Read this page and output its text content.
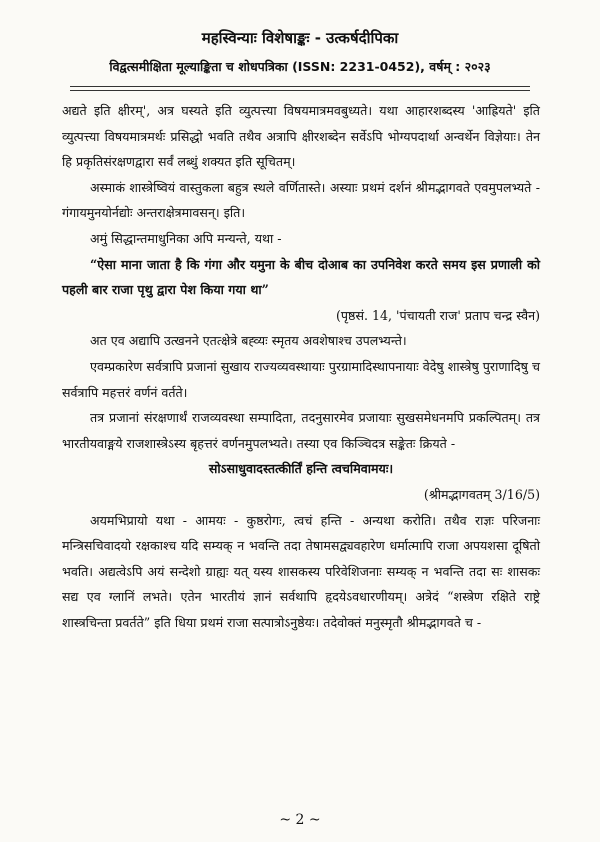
महस्विन्याः विशेषाङ्कः - उत्कर्षदीपिका
विद्वत्समीक्षिता मूल्याङ्किता च शोधपत्रिका (ISSN: 2231-0452), वर्षम् : २०२३

अद्यते इति क्षीरम्', अत्र घस्यते इति व्युत्पत्त्या विषयमात्रमवबुध्यते। यथा आहारशब्दस्य 'आह्रियते' इति व्युत्पत्त्या विषयमात्रमर्थः प्रसिद्धो भवति तथैव अत्रापि क्षीरशब्देन सर्वेऽपि भोग्यपदार्था अन्वर्थेन विज्ञेयाः। तेन हि प्रकृतिसंरक्षणद्वारा सर्वं लब्धुं शक्यत इति सूचितम्।

अस्माकं शास्त्रेष्वियं वास्तुकला बहुत्र स्थले वर्णितास्ते। अस्याः प्रथमं दर्शनं श्रीमद्भागवते एवमुपलभ्यते - गंगायमुनयोर्नद्योः अन्तराक्षेत्रमावसन्। इति।

अमुं सिद्धान्तमाधुनिका अपि मन्यन्ते, यथा -

“ऐसा माना जाता है कि गंगा और यमुना के बीच दोआब का उपनिवेश करते समय इस प्रणाली को पहली बार राजा पृथु द्वारा पेश किया गया था”

(पृष्ठसं. 14, 'पंचायती राज' प्रताप चन्द्र स्वैन)

अत एव अद्यापि उत्खनने एतत्क्षेत्रे बह्व्यः स्मृतय अवशेषाश्च उपलभ्यन्ते।

एवम्प्रकारेण सर्वत्रापि प्रजानां सुखाय राज्यव्यवस्थायाः पुरग्रामादिस्थापनायाः वेदेषु शास्त्रेषु पुराणादिषु च सर्वत्रापि महत्तरं वर्णनं वर्तते।

तत्र प्रजानां संरक्षणार्थं राजव्यवस्था सम्पादिता, तदनुसारमेव प्रजायाः सुखसमेधनमपि प्रकल्पितम्। तत्र भारतीयवाङ्मये राजशास्त्रेऽस्य बृहत्तरं वर्णनमुपलभ्यते। तस्या एव किञ्चिदत्र सङ्केतः क्रियते -

सोऽसाधुवादस्तत्कीर्तिं हन्ति त्वचमिवामयः।

(श्रीमद्भागवतम् 3/16/5)

अयमभिप्रायो यथा - आमयः - कुष्ठरोगः, त्वचं हन्ति - अन्यथा करोति। तथैव राज्ञः परिजनाः मन्त्रिसचिवादयो रक्षकाश्च यदि सम्यक् न भवन्ति तदा तेषामसद्व्यवहारेण धर्मात्मापि राजा अपयशसा दूषितो भवति। अद्यत्वेऽपि अयं सन्देशो ग्राह्यः यत् यस्य शासकस्य परिवेशिजनाः सम्यक् न भवन्ति तदा सः शासकः सद्य एव ग्लानिं लभते। एतेन भारतीयं ज्ञानं सर्वथापि हृदयेऽवधारणीयम्। अत्रेदं “शस्त्रेण रक्षिते राष्ट्रे शास्त्रचिन्ता प्रवर्तते” इति धिया प्रथमं राजा सत्पात्रोऽनुष्ठेयः। तदेवोक्तं मनुस्मृतौ श्रीमद्भागवते च -

~ 2 ~
